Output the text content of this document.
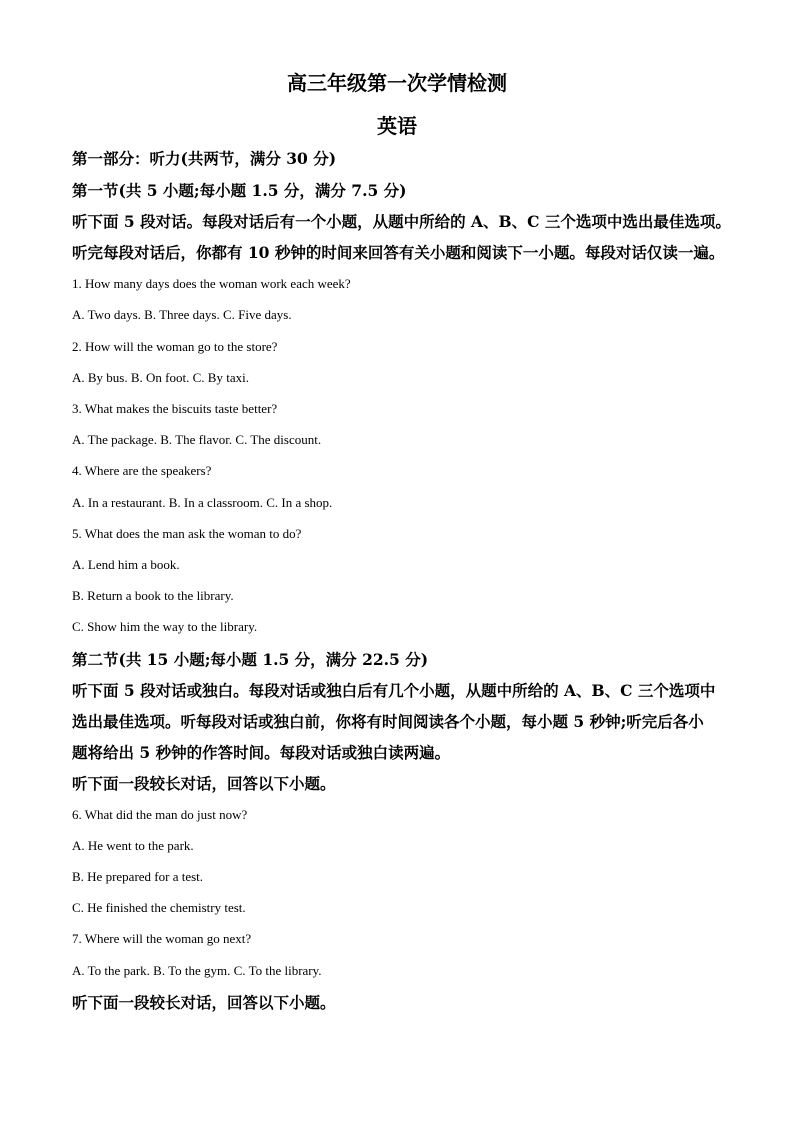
高三年级第一次学情检测
英语
第一部分：听力(共两节，满分 30 分)
第一节(共 5 小题;每小题 1.5 分，满分 7.5 分)
听下面 5 段对话。每段对话后有一个小题，从题中所给的 A、B、C 三个选项中选出最佳选项。
听完每段对话后，你都有 10 秒钟的时间来回答有关小题和阅读下一小题。每段对话仅读一遍。
1. How many days does the woman work each week?
A. Two days. B. Three days. C. Five days.
2. How will the woman go to the store?
A. By bus. B. On foot. C. By taxi.
3. What makes the biscuits taste better?
A. The package. B. The flavor. C. The discount.
4. Where are the speakers?
A. In a restaurant. B. In a classroom. C. In a shop.
5. What does the man ask the woman to do?
A. Lend him a book.
B. Return a book to the library.
C. Show him the way to the library.
第二节(共 15 小题;每小题 1.5 分，满分 22.5 分)
听下面 5 段对话或独白。每段对话或独白后有几个小题，从题中所给的 A、B、C 三个选项中
选出最佳选项。听每段对话或独白前，你将有时间阅读各个小题，每小题 5 秒钟;听完后各小
题将给出 5 秒钟的作答时间。每段对话或独白读两遍。
听下面一段较长对话，回答以下小题。
6. What did the man do just now?
A. He went to the park.
B. He prepared for a test.
C. He finished the chemistry test.
7. Where will the woman go next?
A. To the park. B. To the gym. C. To the library.
听下面一段较长对话，回答以下小题。
